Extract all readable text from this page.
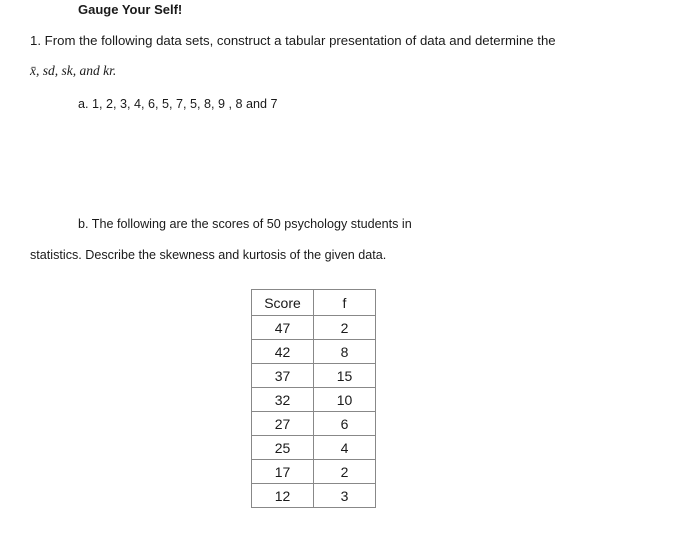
Gauge Your Self!
1. From the following data sets, construct a tabular presentation of data and determine the
x̄, sd, sk, and kr.
a. 1, 2, 3, 4, 6, 5, 7, 5, 8, 9 , 8 and 7
b. The following are the scores of 50 psychology students in
statistics. Describe the skewness and kurtosis of the given data.
Score	f
47	2
42	8
37	15
32	10
27	6
25	4
17	2
12	3
